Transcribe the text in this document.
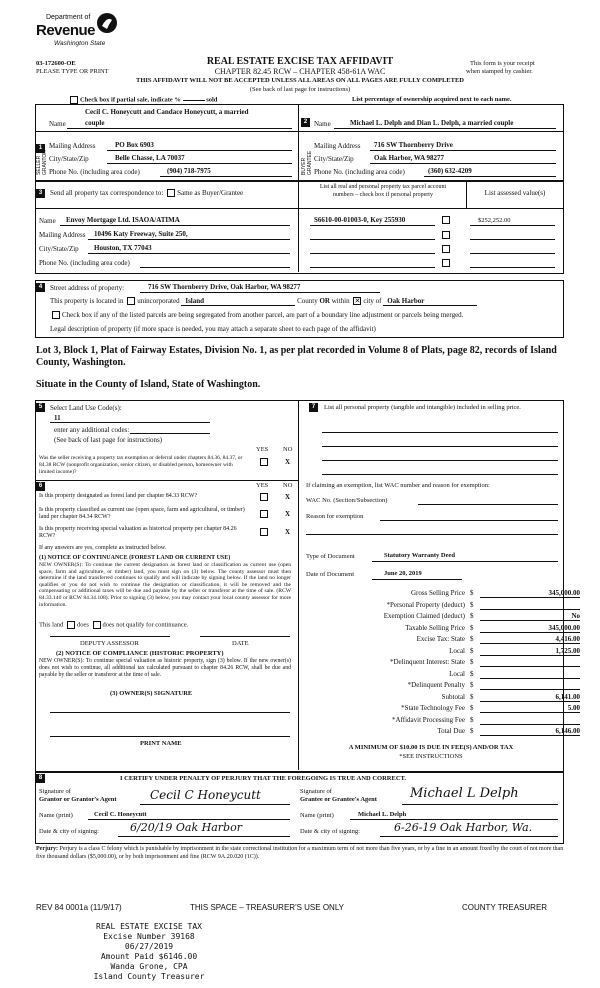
Department of
Revenue
Washington State
03-172600-OE
PLEASE TYPE OR PRINT
REAL ESTATE EXCISE TAX AFFIDAVIT
CHAPTER 82.45 RCW – CHAPTER 458-61A WAC
THIS AFFIDAVIT WILL NOT BE ACCEPTED UNLESS ALL AREAS ON ALL PAGES ARE FULLY COMPLETED
(See back of last page for instructions)
This form is your receipt
when stamped by cashier.
Check box if partial sale, indicate %	sold	List percentage of ownership acquired next to each name.
1
Name
Cecil C. Honeycutt and Candace Honeycutt, a married
couple
SELLER GRANTOR
Mailing Address	PO Box 6903
City/State/Zip	Belle Chasse, LA 70037
Phone No. (including area code)	(904) 718-7975
2 Name	Michael L. Delph and Dian L. Delph, a married couple
BUYER GRANTEE
Mailing Address 716 SW Thornberry Drive
City/State/Zip	Oak Harbor, WA 98277
Phone No. (including area code)	(360) 632-4209
3	Send all property tax correspondence to: Same as Buyer/Grantee
List all real and personal property tax parcel account
numbers – check box if personal property	List assessed value(s)
Name Envoy Mortgage Ltd. ISAOA/ATIMA
Mailing Address 10496 Katy Freeway, Suite 250,
City/State/Zip Houston, TX 77043
Phone No. (including area code)
S6610-00-01003-0, Key 255930	$252,252.00
4	Street address of property:	716 SW Thornberry Drive, Oak Harbor, WA 98277
This property is located in unincorporated Island	County OR within ✕ city of Oak Harbor
Check box if any of the listed parcels are being segregated from another parcel, are part of a boundary line adjustment or parcels being merged.
Legal description of property (if more space is needed, you may attach a separate sheet to each page of the affidavit)
Lot 3, Block 1, Plat of Fairway Estates, Division No. 1, as per plat recorded in Volume 8 of Plats, page 82, records of Island County, Washington.
Situate in the County of Island, State of Washington.
5	Select Land Use Code(s):
11
enter any additional codes:
(See back of last page for instructions)
YES NO
Was the seller receiving a property tax exemption or deferral under chapters 84.36, 84.37, or 84.38 RCW (nonprofit organization, senior citizen, or disabled person, homeowner with limited income)?
X
6	YES NO
Is this property designated as forest land per chapter 84.33 RCW?	X
Is this property classified as current use (open space, farm and agricultural, or timber) land per chapter 84.34 RCW?	X
Is this property receiving special valuation as historical property per chapter 84.26 RCW?	X
If any answers are yes, complete as instructed below.
(1) NOTICE OF CONTINUANCE (FOREST LAND OR CURRENT USE)
NEW OWNER(S): To continue the current designation as forest land or classification as current use (open space, farm and agriculture, or timber) land, you must sign on (3) below. The county assessor must then determine if the land transferred continues to qualify and will indicate by signing below. If the land no longer qualifies or you do not wish to continue the designation or classification, it will be removed and the compensating or additional taxes will be due and payable by the seller or transferor at the time of sale. (RCW 84.33.140 or RCW 84.34.108). Prior to signing (3) below, you may contact your local county assessor for more information.
This land does does not qualify for continuance.
DEPUTY ASSESSOR	DATE
(2) NOTICE OF COMPLIANCE (HISTORIC PROPERTY)
NEW OWNER(S): To continue special valuation as historic property, sign (3) below. If the new owner(s) does not wish to continue, all additional tax calculated pursuant to chapter 84.26 RCW, shall be due and payable by the seller or transferor at the time of sale.
(3) OWNER(S) SIGNATURE
PRINT NAME
7	List all personal property (tangible and intangible) included in selling price.
If claiming an exemption, list WAC number and reason for exemption:
WAC No. (Section/Subsection)
Reason for exemption
Type of Document	Statutory Warranty Deed
Date of Document	June 20, 2019
Gross Selling Price $	345,000.00
*Personal Property (deduct) $

Exemption Claimed (deduct) $	No
Taxable Selling Price $	345,000.00
Excise Tax: State $	4,416.00
Local $	1,725.00
*Delinquent Interest: State $

Local $

*Delinquent Penalty $

Subtotal $	6,141.00
*State Technology Fee $	5.00
*Affidavit Processing Fee $

Total Due $	6,146.00
A MINIMUM OF $10.00 IS DUE IN FEE(S) AND/OR TAX
*SEE INSTRUCTIONS
8	I CERTIFY UNDER PENALTY OF PERJURY THAT THE FOREGOING IS TRUE AND CORRECT.
Signature of
Grantor or Grantor's Agent	Cecil C Honeycutt
Name (print)	Cecil C. Honeycutt
Date & city of signing:	6/20/19 Oak Harbor
Signature of
Grantee or Grantee's Agent	Michael L Delph
Name (print)	Michael L. Delph
Date & city of signing:	6-26-19 Oak Harbor, Wa.
Perjury: Perjury is a class C felony which is punishable by imprisonment in the state correctional institution for a maximum term of not more than five years, or by a fine in an amount fixed by the court of not more than five thousand dollars ($5,000.00), or by both imprisonment and fine (RCW 9A.20.020 (1C)).
REV 84 0001a (11/9/17)	THIS SPACE – TREASURER'S USE ONLY	COUNTY TREASURER
REAL ESTATE EXCISE TAX
Excise Number 39168
06/27/2019
Amount Paid $6146.00
Wanda Grone, CPA
Island County Treasurer
